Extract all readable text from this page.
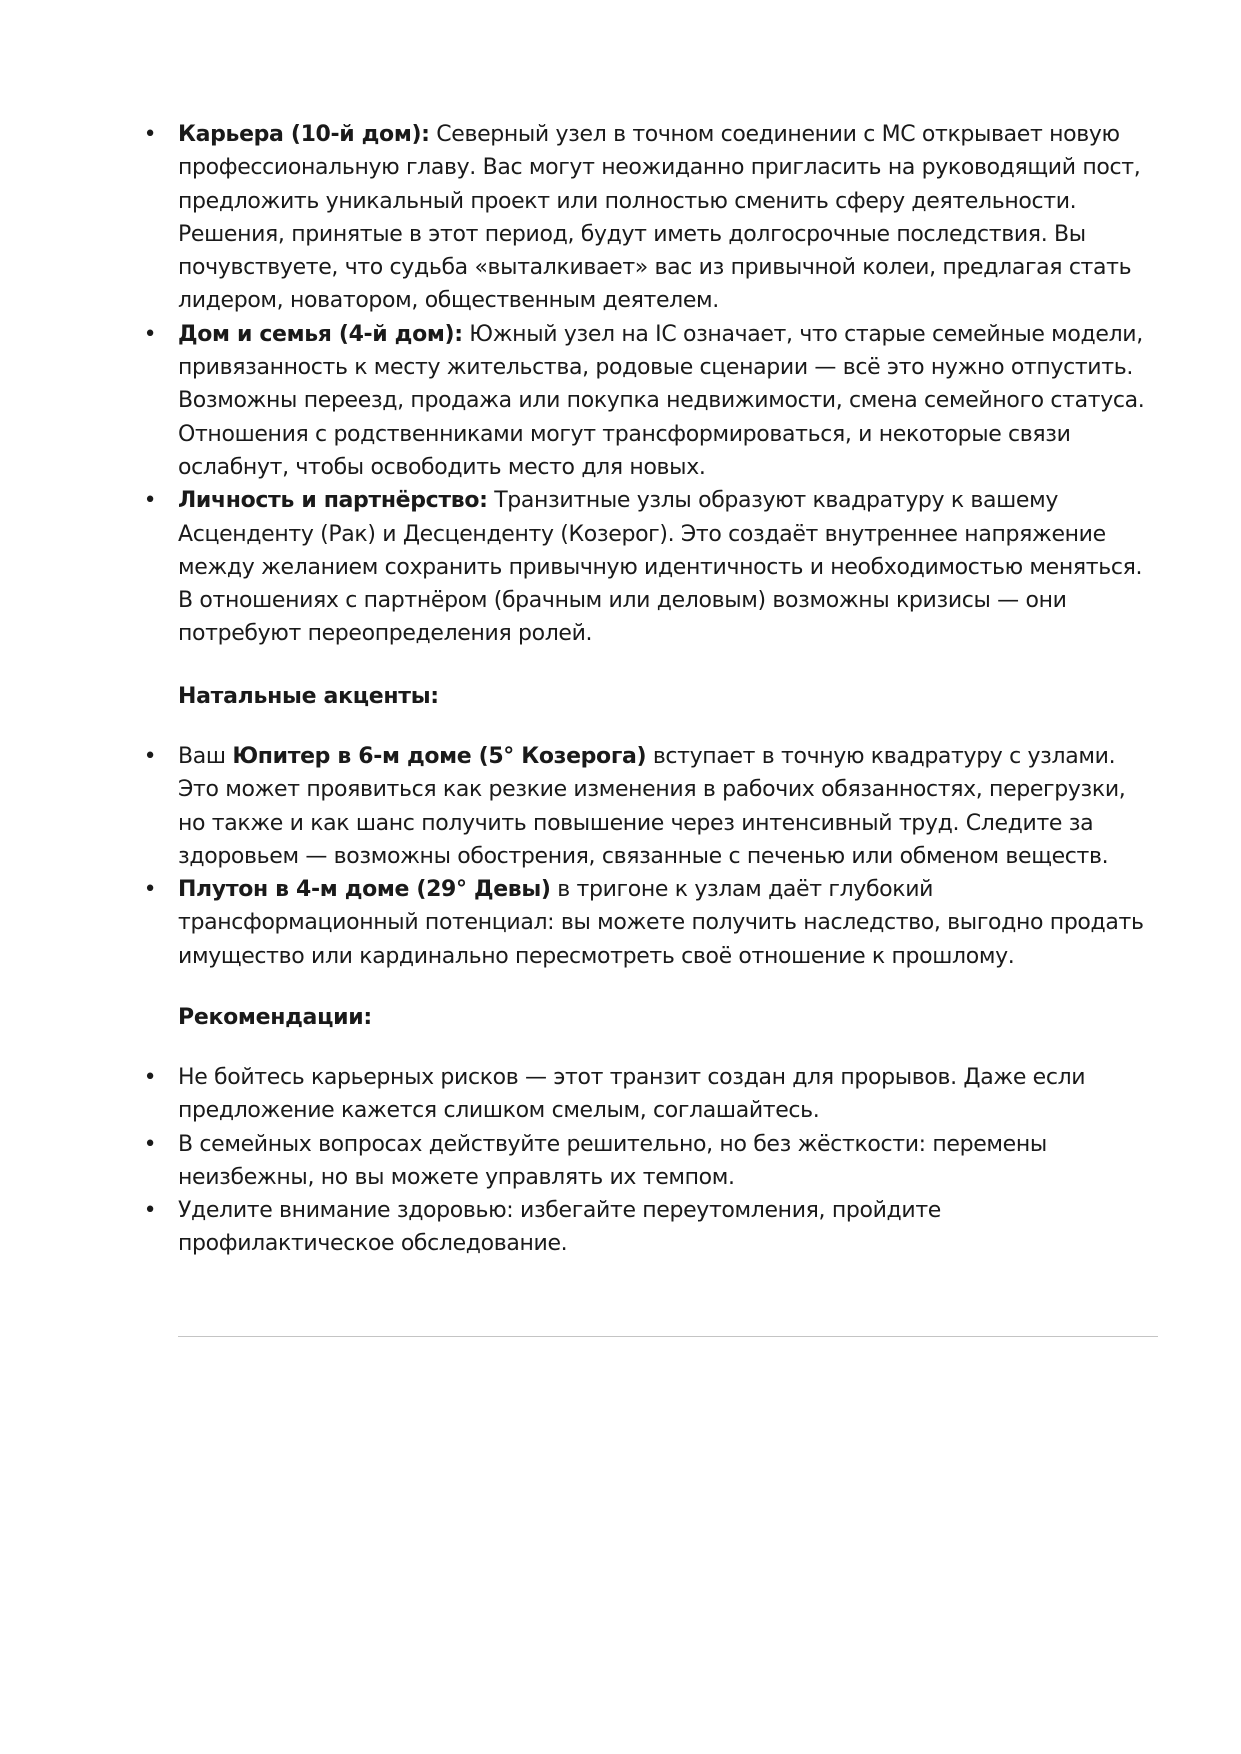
• Карьера (10-й дом): Северный узел в точном соединении с МС открывает новую профессиональную главу. Вас могут неожиданно пригласить на руководящий пост, предложить уникальный проект или полностью сменить сферу деятельности. Решения, принятые в этот период, будут иметь долгосрочные последствия. Вы почувствуете, что судьба «выталкивает» вас из привычной колеи, предлагая стать лидером, новатором, общественным деятелем.
• Дом и семья (4-й дом): Южный узел на IC означает, что старые семейные модели, привязанность к месту жительства, родовые сценарии — всё это нужно отпустить. Возможны переезд, продажа или покупка недвижимости, смена семейного статуса. Отношения с родственниками могут трансформироваться, и некоторые связи ослабнут, чтобы освободить место для новых.
• Личность и партнёрство: Транзитные узлы образуют квадратуру к вашему Асценденту (Рак) и Десценденту (Козерог). Это создаёт внутреннее напряжение между желанием сохранить привычную идентичность и необходимостью меняться. В отношениях с партнёром (брачным или деловым) возможны кризисы — они потребуют переопределения ролей.

Натальные акценты:

• Ваш Юпитер в 6-м доме (5° Козерога) вступает в точную квадратуру с узлами. Это может проявиться как резкие изменения в рабочих обязанностях, перегрузки, но также и как шанс получить повышение через интенсивный труд. Следите за здоровьем — возможны обострения, связанные с печенью или обменом веществ.
• Плутон в 4-м доме (29° Девы) в тригоне к узлам даёт глубокий трансформационный потенциал: вы можете получить наследство, выгодно продать имущество или кардинально пересмотреть своё отношение к прошлому.

Рекомендации:

• Не бойтесь карьерных рисков — этот транзит создан для прорывов. Даже если предложение кажется слишком смелым, соглашайтесь.
• В семейных вопросах действуйте решительно, но без жёсткости: перемены неизбежны, но вы можете управлять их темпом.
• Уделите внимание здоровью: избегайте переутомления, пройдите профилактическое обследование.
